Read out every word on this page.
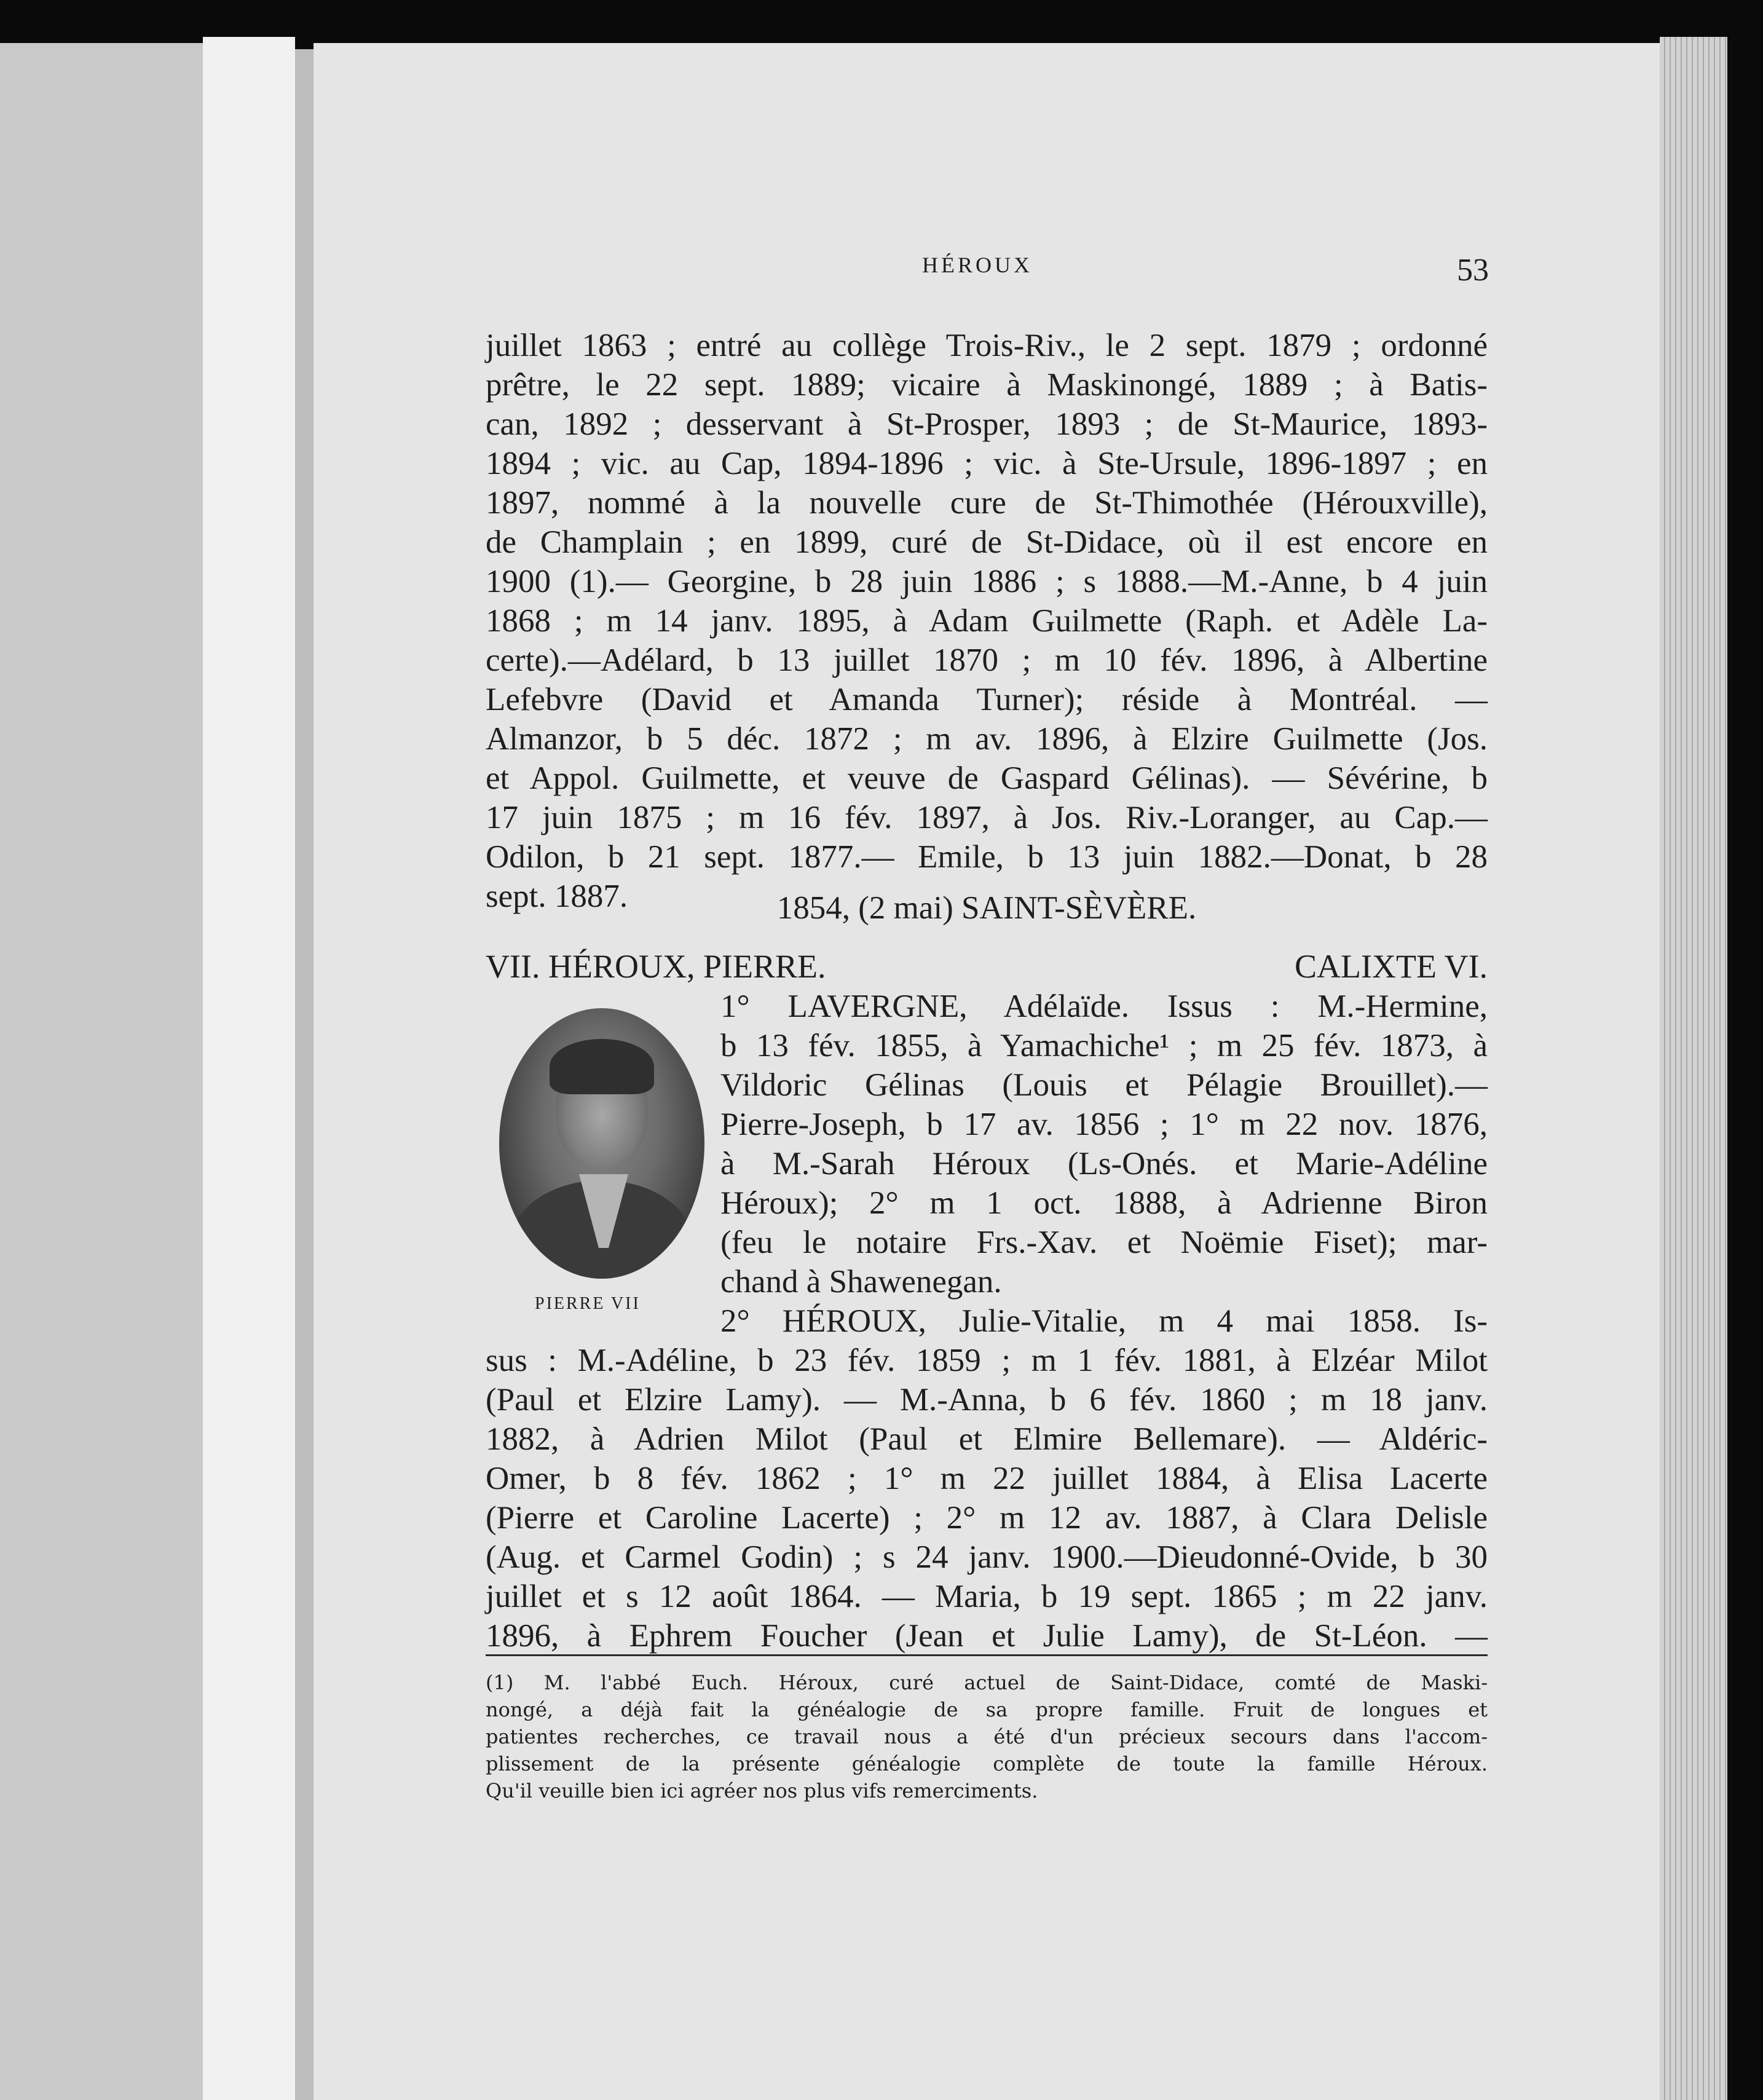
HÉROUX	53
juillet 1863 ; entré au collège Trois-Riv., le 2 sept. 1879 ; ordonné
prêtre, le 22 sept. 1889; vicaire à Maskinongé, 1889 ; à Batis-
can, 1892 ; desservant à St-Prosper, 1893 ; de St-Maurice, 1893-
1894 ; vic. au Cap, 1894-1896 ; vic. à Ste-Ursule, 1896-1897 ; en
1897, nommé à la nouvelle cure de St-Thimothée (Hérouxville),
de Champlain ; en 1899, curé de St-Didace, où il est encore en
1900 (1).— Georgine, b 28 juin 1886 ; s 1888.—M.-Anne, b 4 juin
1868 ; m 14 janv. 1895, à Adam Guilmette (Raph. et Adèle La-
certe).—Adélard, b 13 juillet 1870 ; m 10 fév. 1896, à Albertine
Lefebvre (David et Amanda Turner); réside à Montréal. —
Almanzor, b 5 déc. 1872 ; m av. 1896, à Elzire Guilmette (Jos.
et Appol. Guilmette, et veuve de Gaspard Gélinas). — Sévérine, b
17 juin 1875 ; m 16 fév. 1897, à Jos. Riv.-Loranger, au Cap.—
Odilon, b 21 sept. 1877.— Emile, b 13 juin 1882.—Donat, b 28
sept. 1887.	1854, (2 mai) SAINT-SÈVÈRE.
VII. HÉROUX, PIERRE.	CALIXTE VI.
PIERRE VII
1° LAVERGNE, Adélaïde. Issus : M.-Hermine,
b 13 fév. 1855, à Yamachiche¹ ; m 25 fév. 1873, à
Vildoric Gélinas (Louis et Pélagie Brouillet).—
Pierre-Joseph, b 17 av. 1856 ; 1° m 22 nov. 1876,
à M.-Sarah Héroux (Ls-Onés. et Marie-Adéline
Héroux); 2° m 1 oct. 1888, à Adrienne Biron
(feu le notaire Frs.-Xav. et Noëmie Fiset); mar-
chand à Shawenegan.
2° HÉROUX, Julie-Vitalie, m 4 mai 1858. Is-
sus : M.-Adéline, b 23 fév. 1859 ; m 1 fév. 1881, à Elzéar Milot
(Paul et Elzire Lamy). — M.-Anna, b 6 fév. 1860 ; m 18 janv.
1882, à Adrien Milot (Paul et Elmire Bellemare). — Aldéric-
Omer, b 8 fév. 1862 ; 1° m 22 juillet 1884, à Elisa Lacerte
(Pierre et Caroline Lacerte) ; 2° m 12 av. 1887, à Clara Delisle
(Aug. et Carmel Godin) ; s 24 janv. 1900.—Dieudonné-Ovide, b 30
juillet et s 12 août 1864. — Maria, b 19 sept. 1865 ; m 22 janv.
1896, à Ephrem Foucher (Jean et Julie Lamy), de St-Léon. —
(1) M. l'abbé Euch. Héroux, curé actuel de Saint-Didace, comté de Maski-
nongé, a déjà fait la généalogie de sa propre famille. Fruit de longues et
patientes recherches, ce travail nous a été d'un précieux secours dans l'accom-
plissement de la présente généalogie complète de toute la famille Héroux.
Qu'il veuille bien ici agréer nos plus vifs remerciments.
